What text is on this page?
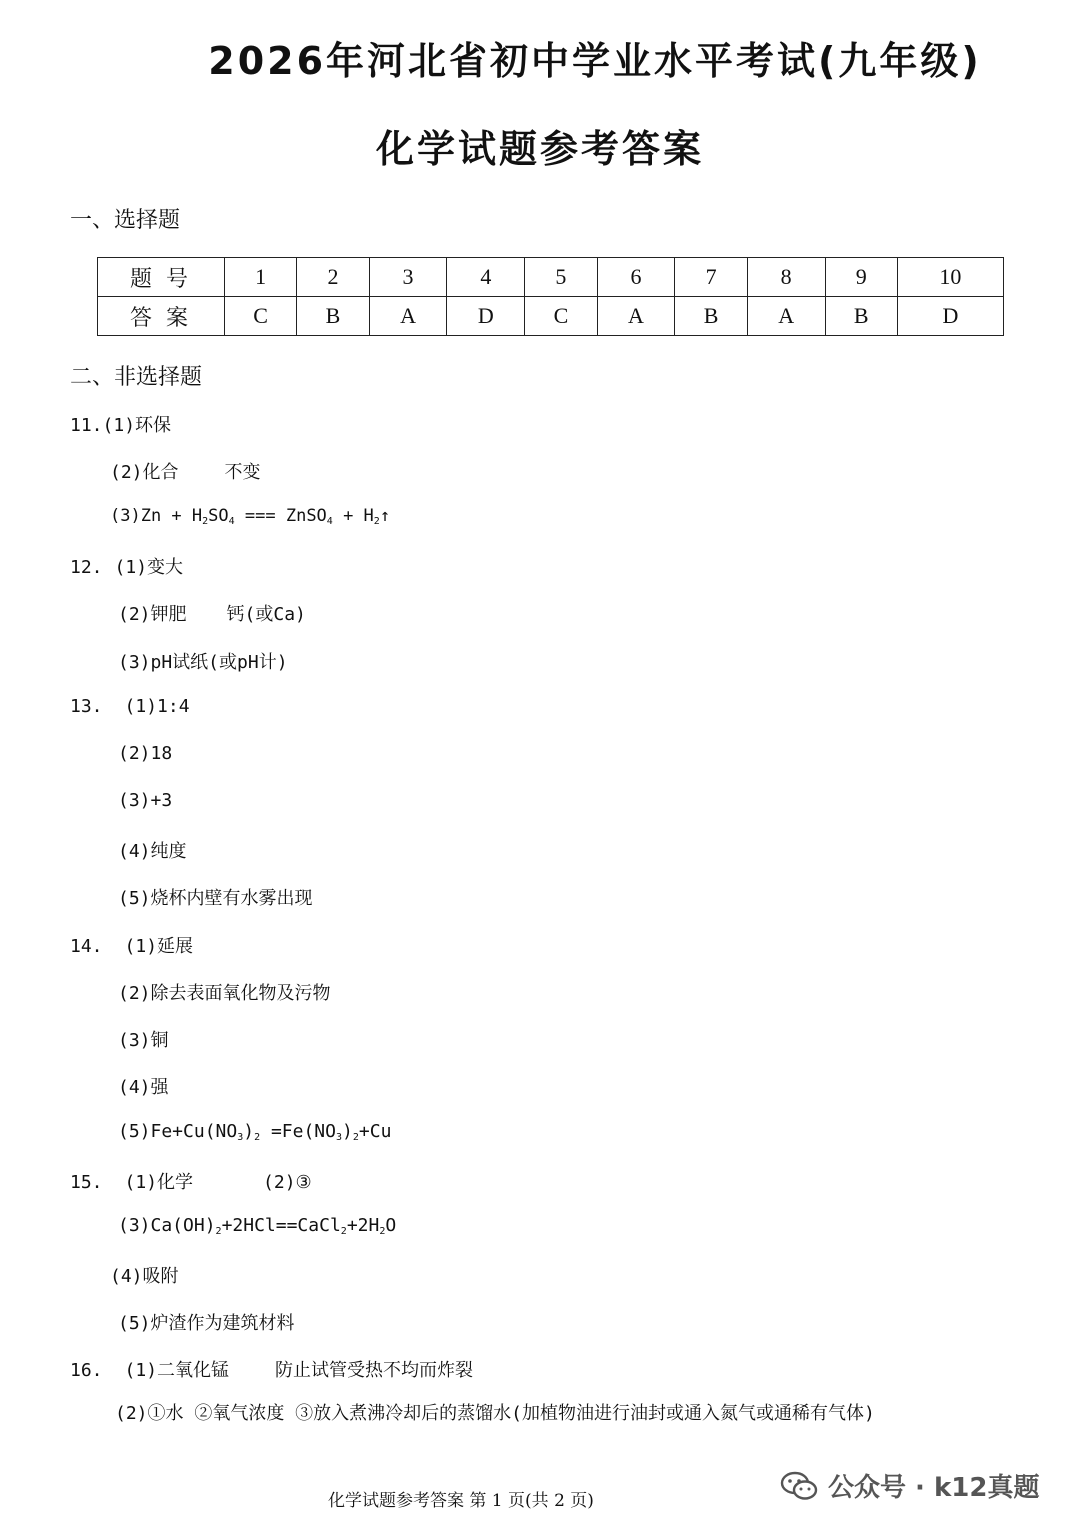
2026年河北省初中学业水平考试(九年级)
化学试题参考答案
一、选择题
题号	1	2	3	4	5	6	7	8	9	10
答案	C	B	A	D	C	A	B	A	B	D
二、非选择题
11.(1)环保
(2)化合	不变
$(3)Zn + H_2SO_4$ === ZnSO$_4$ + $H_2↑$
12. (1)变大
(2)钾肥 钙(或Ca)
(3)pH试纸(或pH计)
13. (1)1:4
(2)18
(3)+3
(4)纯度
(5)烧杯内壁有水雾出现
14. (1)延展
(2)除去表面氧化物及污物
(3)铜
(4)强
$(5)Fe+Cu(NO_3)_2 =Fe(NO_3)_2+Cu$
15. (1)化学	(2)③
$(3)Ca(OH)_2+2HCl==CaCl_2+2H_2O$
(4)吸附
(5)炉渣作为建筑材料
16. (1)二氧化锰	防止试管受热不均而炸裂
(2)①水 ②氧气浓度 ③放入煮沸冷却后的蒸馏水(加植物油进行油封或通入氮气或通稀有气体)
化学试题参考答案 第 1 页(共 2 页)	公众号 · k12真题
